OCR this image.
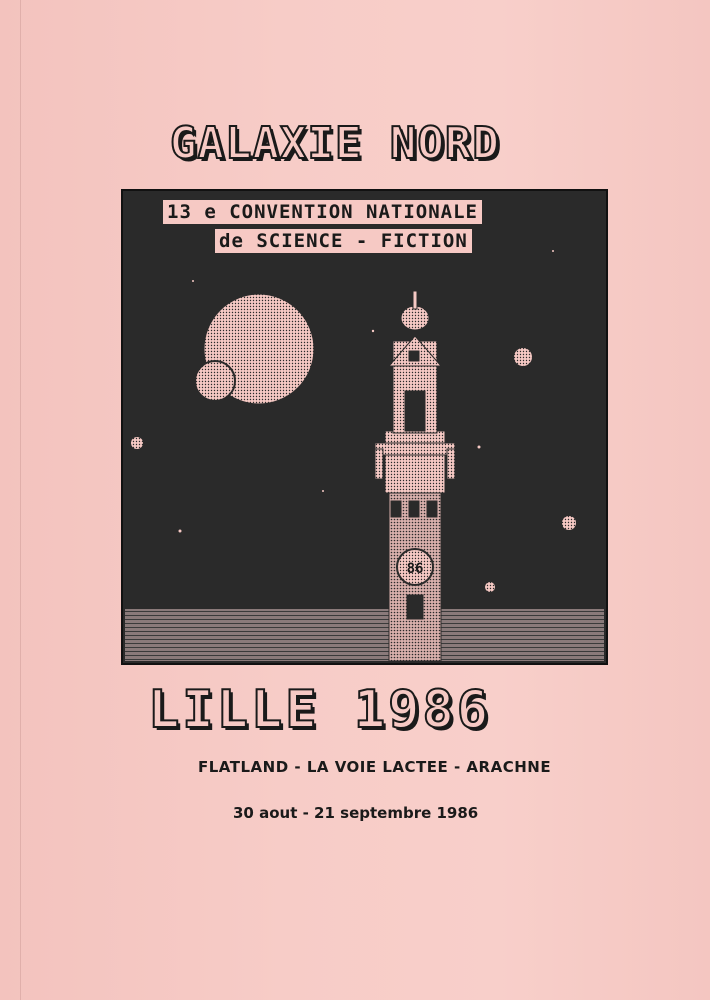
GALAXIE NORD
86
13 e CONVENTION NATIONALE
de SCIENCE - FICTION
LILLE 1986
FLATLAND - LA VOIE LACTEE - ARACHNE
30 aout - 21 septembre 1986
